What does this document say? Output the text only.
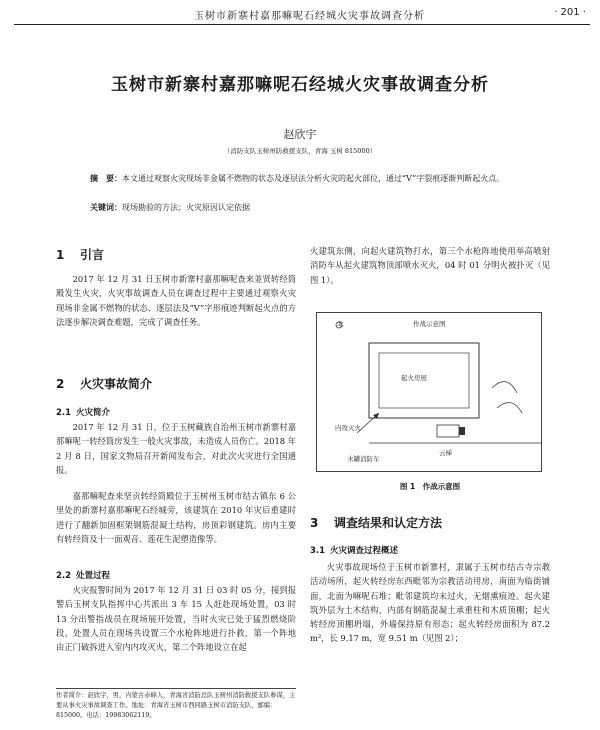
玉树市新寨村嘉那嘛呢石经城火灾事故调查分析	· 201 ·
玉树市新寨村嘉那嘛呢石经城火灾事故调查分析
赵欣宇
（消防支队玉树州防救援支队，青海 玉树 815000）
摘　要：本文通过观察火灾现场非金属不燃物的状态及逐层法分析火灾的起火部位，通过“V”字裂痕逐渐判断起火点。
关键词：现场勘验的方法；火灾原因认定依据
1 引言
2017 年 12 月 31 日玉树市新寨村嘉那嘛呢查来並贤转经筒殿发生火灾，火灾事故调查人员在调查过程中主要通过观察火灾现场非金属不燃物的状态、逐层法及“V”字形痕迹判断起火点的方法逐步解决调查难题，完成了调查任务。
2 火灾事故简介
2.1 火灾简介
2017 年 12 月 31 日，位于玉树藏族自治州玉树市新寨村嘉那嘛呢一转经筒房发生一般火灾事故，未造成人员伤亡。2018 年 2 月 8 日，国家文物局召开新闻发布会，对此次火灾进行全国通报。
嘉那嘛呢查来坚贡转经筒殿位于玉树州玉树市结古镇东 6 公里处的新寨村嘉那嘛呢石经城旁，该建筑在 2010 年灾后重建时进行了翻新加固框架钢筋混凝土结构，房顶彩钢建筑。房内主要有转经筒及十一面观音、莲花生泥塑造像等。
2.2 处置过程
火灾报警时间为 2017 年 12 月 31 日 03 时 05 分，接到报警后玉树支队指挥中心共派出 3 车 15 人赶赴现场处置，03 时 13 分出警指战员在现场展开处置，当时火灾已处于猛烈燃烧阶段。处置人员在现场共设置三个水枪阵地进行扑救，第一个阵地由正门破拆进入室内内攻灭火，第二个阵地设立在起
作者简介：赵欣宇，男，内蒙古赤峰人，青海省消防总队玉树州消防救援支队参谋，主要从事火灾事故调查工作。地址：青海省玉树市西同路玉树市消防支队，邮编：815000。电话：19983062119。
火建筑东侧，向起火建筑物打水，第三个水枪阵地使用举高喷射消防车从起火建筑物顶部喷水灭火，04 时 01 分明火被扑灭（见图 1）。
北	作战示意图
起火房屋
内攻灭火
云梯
水罐消防车
图 1　作战示意图
3 调查结果和认定方法
3.1 火灾调查过程概述
火灾事故现场位于玉树市新寨村，隶属于玉树市结古寺宗教活动场所，起火转经房东西毗邻为宗教活动用房，南面为临街铺面，北面为嘛呢石堆；毗邻建筑均未过火，无烟熏痕迹。起火建筑外层为土木结构，内部有钢筋混凝土承重柱和木质顶棚；起火转经房顶棚坍塌，外墙保持原有形态；起火转经房面积为 87.2 m²，长 9.17 m，宽 9.51 m（见图 2）；
